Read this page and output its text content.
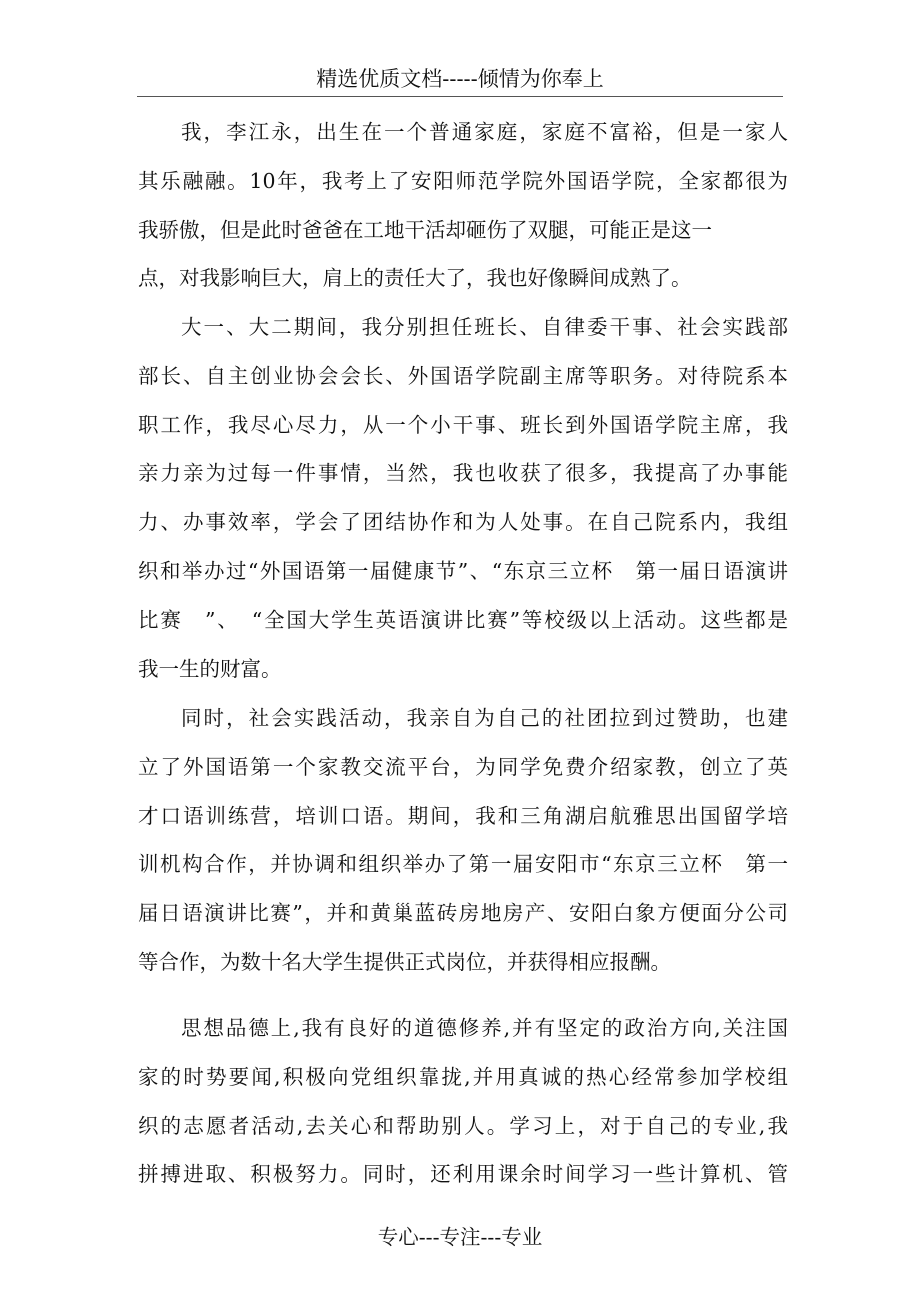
精选优质文档-----倾情为你奉上
我，李江永，出生在一个普通家庭，家庭不富裕，但是一家人
其乐融融。10年，我考上了安阳师范学院外国语学院，全家都很为
我骄傲，但是此时爸爸在工地干活却砸伤了双腿，可能正是这一
点，对我影响巨大，肩上的责任大了，我也好像瞬间成熟了。
大一、大二期间，我分别担任班长、自律委干事、社会实践部
部长、自主创业协会会长、外国语学院副主席等职务。对待院系本
职工作，我尽心尽力，从一个小干事、班长到外国语学院主席，我
亲力亲为过每一件事情，当然，我也收获了很多，我提高了办事能
力、办事效率，学会了团结协作和为人处事。在自己院系内，我组
织和举办过“外国语第一届健康节”、“东京三立杯　第一届日语演讲
比赛　”、　“全国大学生英语演讲比赛”等校级以上活动。这些都是
我一生的财富。
同时，社会实践活动，我亲自为自己的社团拉到过赞助，也建
立了外国语第一个家教交流平台，为同学免费介绍家教，创立了英
才口语训练营，培训口语。期间，我和三角湖启航雅思出国留学培
训机构合作，并协调和组织举办了第一届安阳市“东京三立杯　第一
届日语演讲比赛”，并和黄巢蓝砖房地房产、安阳白象方便面分公司
等合作，为数十名大学生提供正式岗位，并获得相应报酬。
思想品德上,我有良好的道德修养,并有坚定的政治方向,关注国
家的时势要闻,积极向党组织靠拢,并用真诚的热心经常参加学校组
织的志愿者活动,去关心和帮助别人。学习上，对于自己的专业,我
拼搏进取、积极努力。同时，还利用课余时间学习一些计算机、管
专心---专注---专业
